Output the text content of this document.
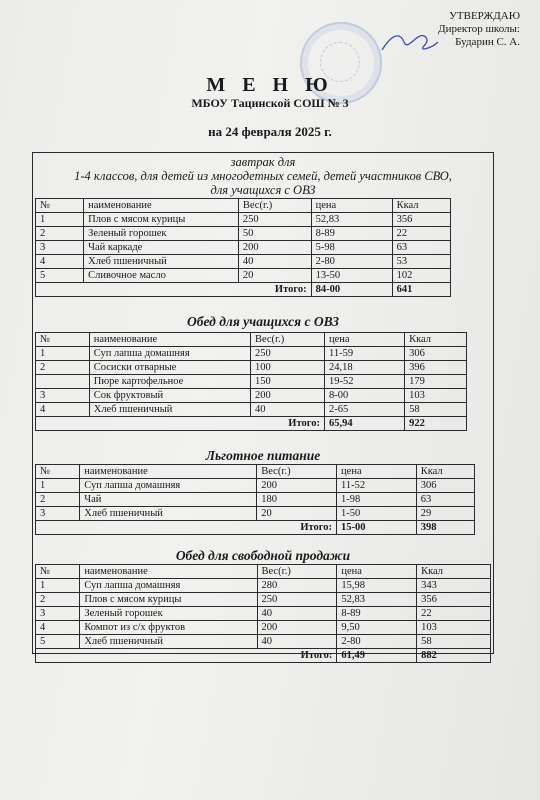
УТВЕРЖДАЮ
Директор школы:
Бударин С. А.
М Е Н Ю
МБОУ Тацинской СОШ № 3
на 24 февраля 2025 г.
завтрак для
1-4 классов, для детей из многодетных семей, детей участников СВО,
для учащихся с ОВЗ
№	наименование	Вес(г.)	цена	Ккал
1	Плов с мясом курицы	250	52,83	356
2	Зеленый горошек	50	8-89	22
3	Чай каркаде	200	5-98	63
4	Хлеб пшеничный	40	2-80	53
5	Сливочное масло	20	13-50	102
Итого:			84-00	641
Обед для учащихся с ОВЗ
№	наименование	Вес(г.)	цена	Ккал
1	Суп лапша домашняя	250	11-59	306
2	Сосиски отварные	100	24,18	396
	Пюре картофельное	150	19-52	179
3	Сок фруктовый	200	8-00	103
4	Хлеб пшеничный	40	2-65	58
Итого:			65,94	922
Льготное питание
№	наименование	Вес(г.)	цена	Ккал
1	Суп лапша домашняя	200	11-52	306
2	Чай	180	1-98	63
3	Хлеб пшеничный	20	1-50	29
Итого:			15-00	398
Обед для свободной продажи
№	наименование	Вес(г.)	цена	Ккал
1	Суп лапша домашняя	280	15,98	343
2	Плов с мясом курицы	250	52,83	356
3	Зеленый горошек	40	8-89	22
4	Компот из с/х фруктов	200	9,50	103
5	Хлеб пшеничный	40	2-80	58
Итого:			61,49	882
